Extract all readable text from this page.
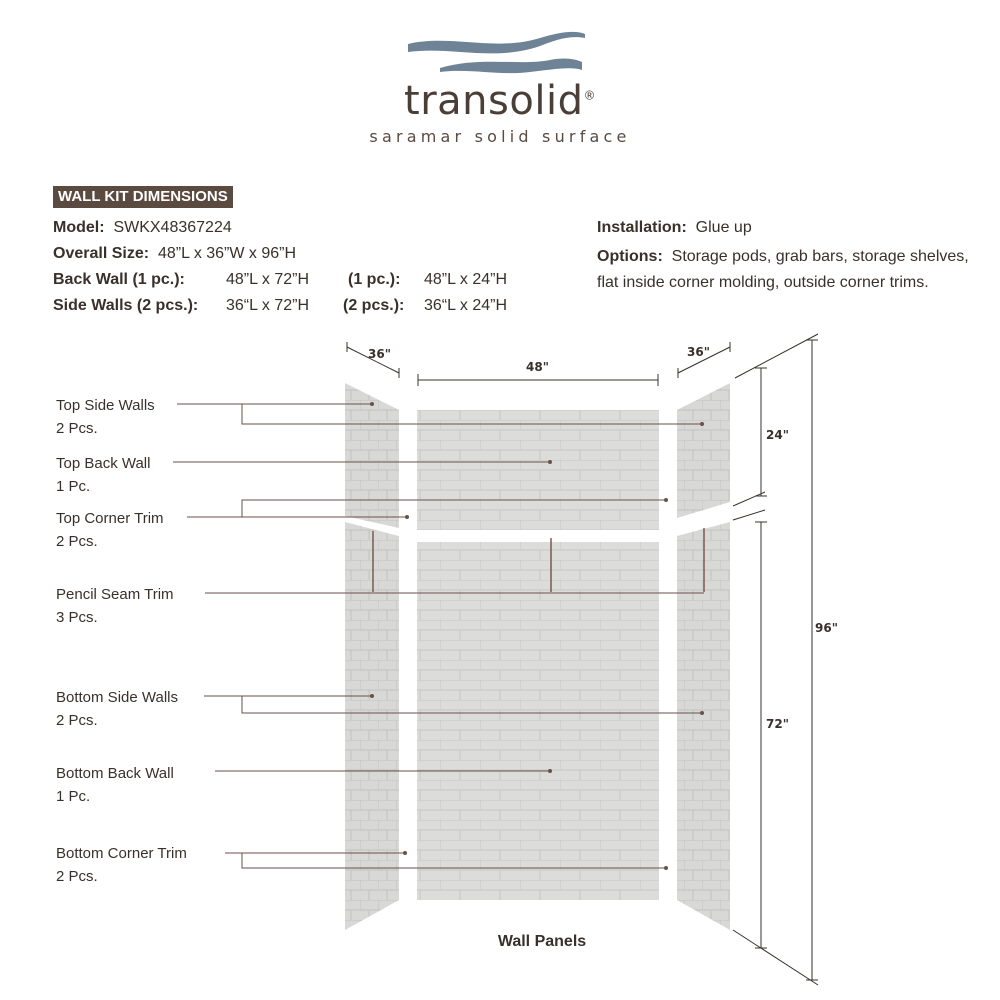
transolid®
saramar solid surface
WALL KIT DIMENSIONS
Model: SWKX48367224
Overall Size: 48”L x 36”W x 96”H
Back Wall (1 pc.):	48”L x 72”H (1 pc.): 48”L x 24”H
Side Walls (2 pcs.): 36“L x 72”H (2 pcs.): 36“L x 24”H
Installation: Glue up
Options: Storage pods, grab bars, storage shelves, flat inside corner molding, outside corner trims.
36"
48"
36"
24"
72"
96"
Top Side Walls
2 Pcs.
Top Back Wall
1 Pc.
Top Corner Trim
2 Pcs.
Pencil Seam Trim
3 Pcs.
Bottom Side Walls
2 Pcs.
Bottom Back Wall
1 Pc.
Bottom Corner Trim
2 Pcs.
Wall Panels
